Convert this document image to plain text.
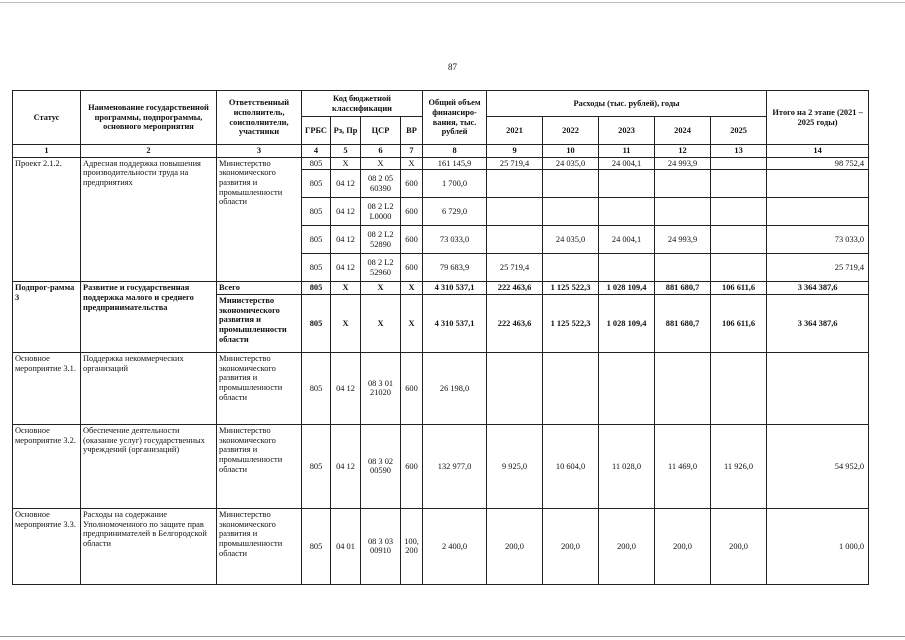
87
Статус	Наименование государственной программы, подпрограммы, основного мероприятия	Ответственный исполнитель, соисполнители, участники	Код бюджетной классификации				Общий объем финансиро-вания, тыс. рублей	Расходы (тыс. рублей), годы					Итого на 2 этапе (2021 – 2025 годы)
			ГРБС	Рз, Пр	ЦСР	ВР		2021	2022	2023	2024	2025	
1	2	3	4	5	6	7	8	9	10	11	12	13	14
Проект 2.1.2.	Адресная поддержка повышения производительности труда на предприятиях	Министерство экономического развития и промышленности области	805	X	X	X	161 145,9	25 719,4	24 035,0	24 004,1	24 993,9		98 752,4
			805	04 12	08 2 05 60390	600	1 700,0						
			805	04 12	08 2 L2 L0000	600	6 729,0						
			805	04 12	08 2 L2 52890	600	73 033,0		24 035,0	24 004,1	24 993,9		73 033,0
			805	04 12	08 2 L2 52960	600	79 683,9	25 719,4					25 719,4
Подпрог-рамма 3	Развитие и государственная поддержка малого и среднего предпринимательства	Всего	805	X	X	X	4 310 537,1	222 463,6	1 125 522,3	1 028 109,4	881 680,7	106 611,6	3 364 387,6
		Министерство экономического развития и промышленности области	805	X	X	X	4 310 537,1	222 463,6	1 125 522,3	1 028 109,4	881 680,7	106 611,6	3 364 387,6
Основное мероприятие 3.1.	Поддержка некоммерческих организаций	Министерство экономического развития и промышленности области	805	04 12	08 3 01 21020	600	26 198,0						
Основное мероприятие 3.2.	Обеспечение деятельности (оказание услуг) государственных учреждений (организаций)	Министерство экономического развития и промышленности области	805	04 12	08 3 02 00590	600	132 977,0	9 925,0	10 604,0	11 028,0	11 469,0	11 926,0	54 952,0
Основное мероприятие 3.3.	Расходы на содержание Уполномоченного по защите прав предпринимателей в Белгородской области	Министерство экономического развития и промышленности области	805	04 01	08 3 03 00910	100, 200	2 400,0	200,0	200,0	200,0	200,0	200,0	1 000,0
